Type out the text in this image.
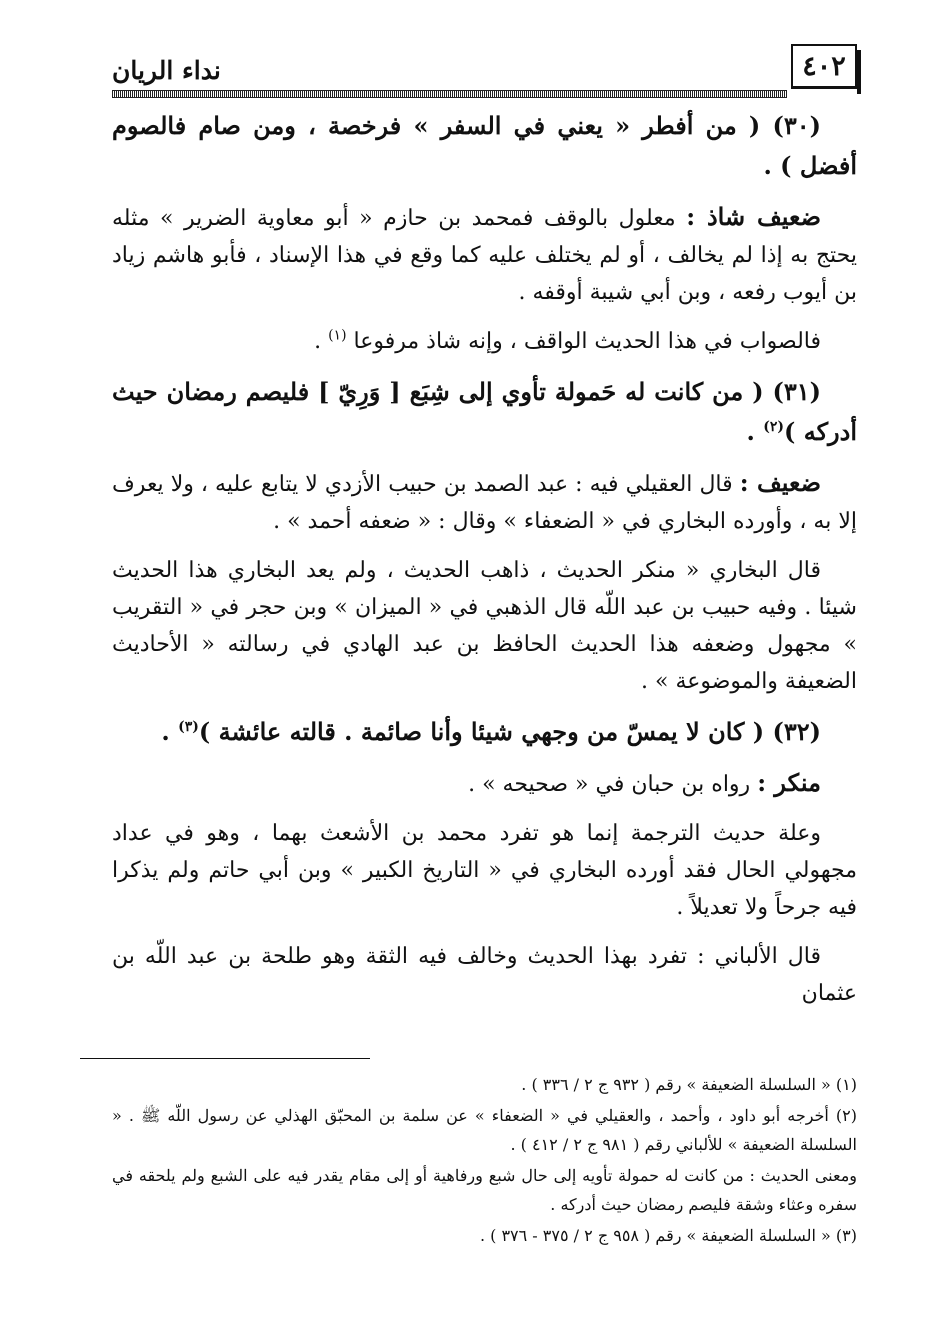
٤٠٢
نداء الريان

(٣٠) ( من أفطر « يعني في السفر » فرخصة ، ومن صام فالصوم أفضل ) .

ضعيف شاذ : معلول بالوقف فمحمد بن حازم « أبو معاوية الضرير » مثله يحتج به إذا لم يخالف ، أو لم يختلف عليه كما وقع في هذا الإسناد ، فأبو هاشم زياد بن أيوب رفعه ، وبن أبي شيبة أوقفه .

فالصواب في هذا الحديث الواقف ، وإنه شاذ مرفوعا $^{(١)}$ .

(٣١) ( من كانت له حَمولة تأوي إلى شِبَع [ وَرِيّ ] فليصم رمضان حيث أدركه )$^{(٢)}$ .

ضعيف : قال العقيلي فيه : عبد الصمد بن حبيب الأزدي لا يتابع عليه ، ولا يعرف إلا به ، وأورده البخاري في « الضعفاء » وقال : « ضعفه أحمد » .

قال البخاري « منكر الحديث ، ذاهب الحديث ، ولم يعد البخاري هذا الحديث شيئا . وفيه حبيب بن عبد اللّه قال الذهبي في « الميزان » وبن حجر في « التقريب » مجهول وضعفه هذا الحديث الحافظ بن عبد الهادي في رسالته « الأحاديث الضعيفة والموضوعة » .

(٣٢) ( كان لا يمسّ من وجهي شيئا وأنا صائمة . قالته عائشة )$^{(٣)}$ .

منكر : رواه بن حبان في « صحيحه » .

وعلة حديث الترجمة إنما هو تفرد محمد بن الأشعث بهما ، وهو في عداد مجهولي الحال فقد أورده البخاري في « التاريخ الكبير » وبن أبي حاتم ولم يذكرا فيه جرحاً ولا تعديلاً .

قال الألباني : تفرد بهذا الحديث وخالف فيه الثقة وهو طلحة بن عبد اللّه بن عثمان

(١) « السلسلة الضعيفة » رقم ( ٩٣٢ ج ٢ / ٣٣٦ ) .

(٢) أخرجه أبو داود ، وأحمد ، والعقيلي في « الضعفاء » عن سلمة بن المحبّق الهذلي عن رسول اللّه ﷺ . « السلسلة الضعيفة » للألباني رقم ( ٩٨١ ج ٢ / ٤١٢ ) .

ومعنى الحديث : من كانت له حمولة تأويه إلى حال شبع ورفاهية أو إلى مقام يقدر فيه على الشبع ولم يلحقه في سفره وعثاء وشقة فليصم رمضان حيث أدركه .

(٣) « السلسلة الضعيفة » رقم ( ٩٥٨ ج ٢ / ٣٧٥ - ٣٧٦ ) .
